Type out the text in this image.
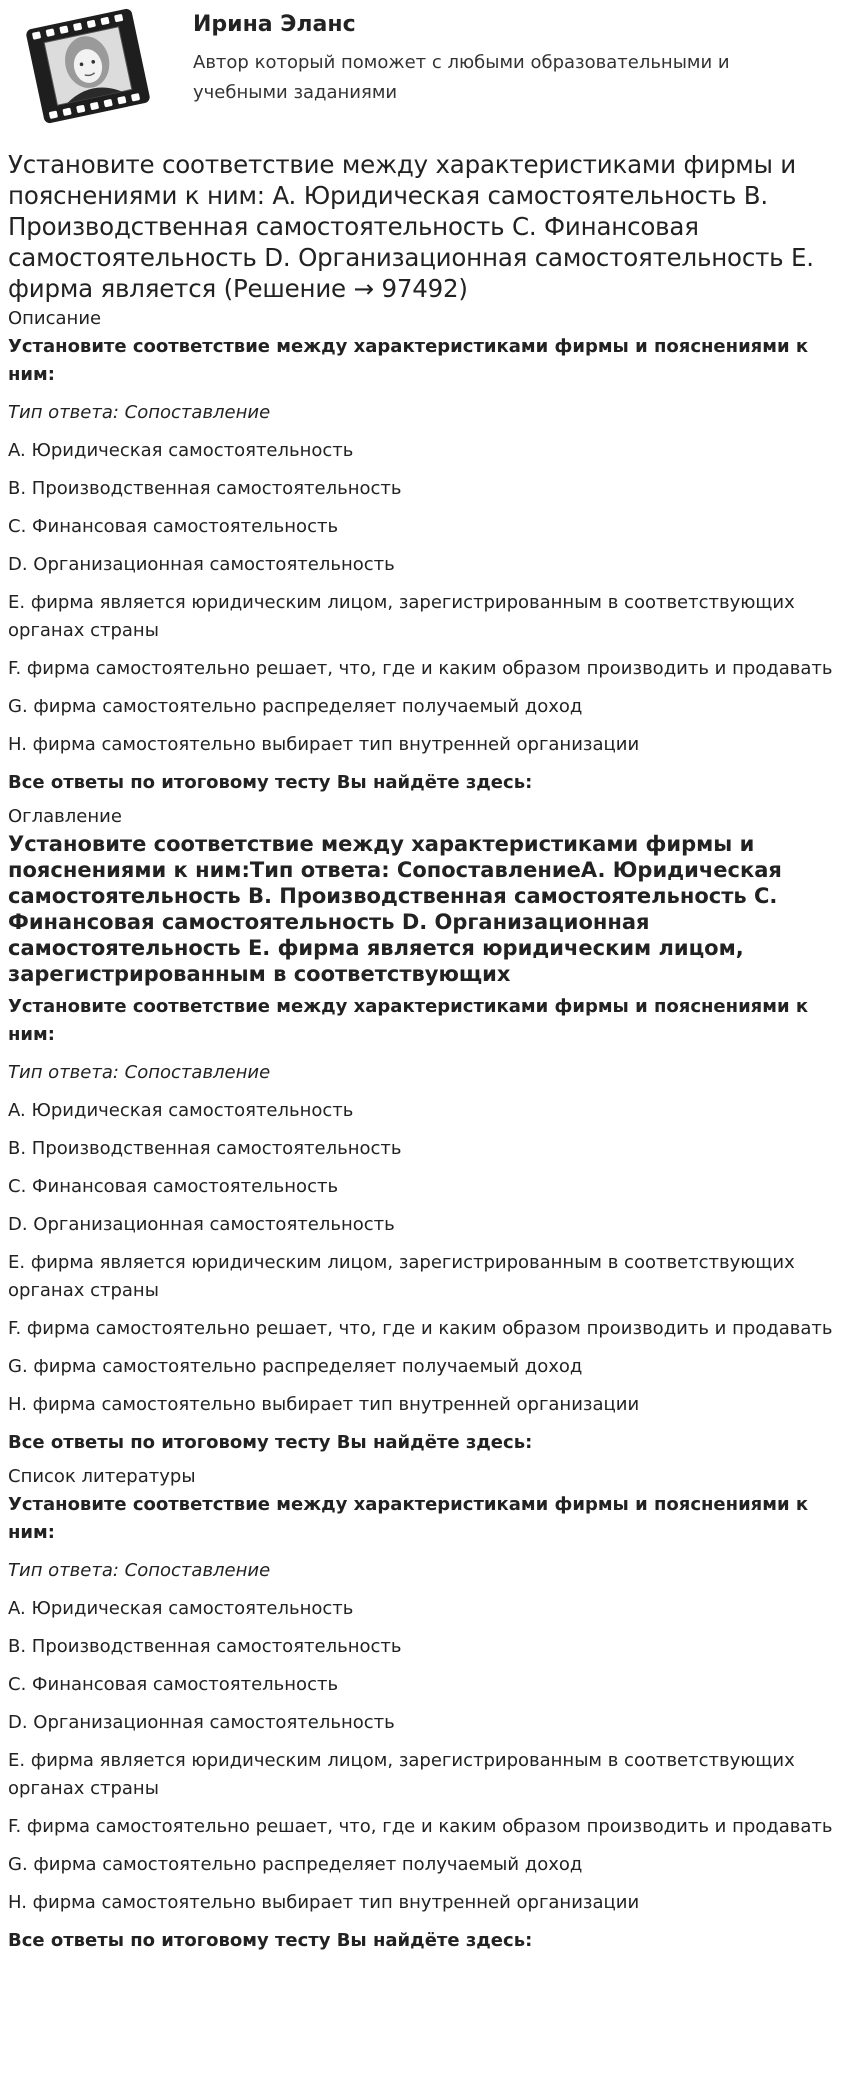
Ирина Эланс
Автор который поможет с любыми образовательными и учебными заданиями
Установите соответствие между характеристиками фирмы и пояснениями к ним: A. Юридическая самостоятельность B. Производственная самостоятельность C. Финансовая самостоятельность D. Организационная самостоятельность E. фирма является (Решение → 97492)
Описание
Установите соответствие между характеристиками фирмы и пояснениями к ним:
Тип ответа: Сопоставление
A. Юридическая самостоятельность
B. Производственная самостоятельность
C. Финансовая самостоятельность
D. Организационная самостоятельность
E. фирма является юридическим лицом, зарегистрированным в соответствующих органах страны
F. фирма самостоятельно решает, что, где и каким образом производить и продавать
G. фирма самостоятельно распределяет получаемый доход
H. фирма самостоятельно выбирает тип внутренней организации
Все ответы по итоговому тесту Вы найдёте здесь:
Оглавление
Установите соответствие между характеристиками фирмы и пояснениями к ним:Тип ответа: СопоставлениеA. Юридическая самостоятельность B. Производственная самостоятельность C. Финансовая самостоятельность D. Организационная самостоятельность E. фирма является юридическим лицом, зарегистрированным в соответствующих
Установите соответствие между характеристиками фирмы и пояснениями к ним:
Тип ответа: Сопоставление
A. Юридическая самостоятельность
B. Производственная самостоятельность
C. Финансовая самостоятельность
D. Организационная самостоятельность
E. фирма является юридическим лицом, зарегистрированным в соответствующих органах страны
F. фирма самостоятельно решает, что, где и каким образом производить и продавать
G. фирма самостоятельно распределяет получаемый доход
H. фирма самостоятельно выбирает тип внутренней организации
Все ответы по итоговому тесту Вы найдёте здесь:
Список литературы
Установите соответствие между характеристиками фирмы и пояснениями к ним:
Тип ответа: Сопоставление
A. Юридическая самостоятельность
B. Производственная самостоятельность
C. Финансовая самостоятельность
D. Организационная самостоятельность
E. фирма является юридическим лицом, зарегистрированным в соответствующих органах страны
F. фирма самостоятельно решает, что, где и каким образом производить и продавать
G. фирма самостоятельно распределяет получаемый доход
H. фирма самостоятельно выбирает тип внутренней организации
Все ответы по итоговому тесту Вы найдёте здесь:
